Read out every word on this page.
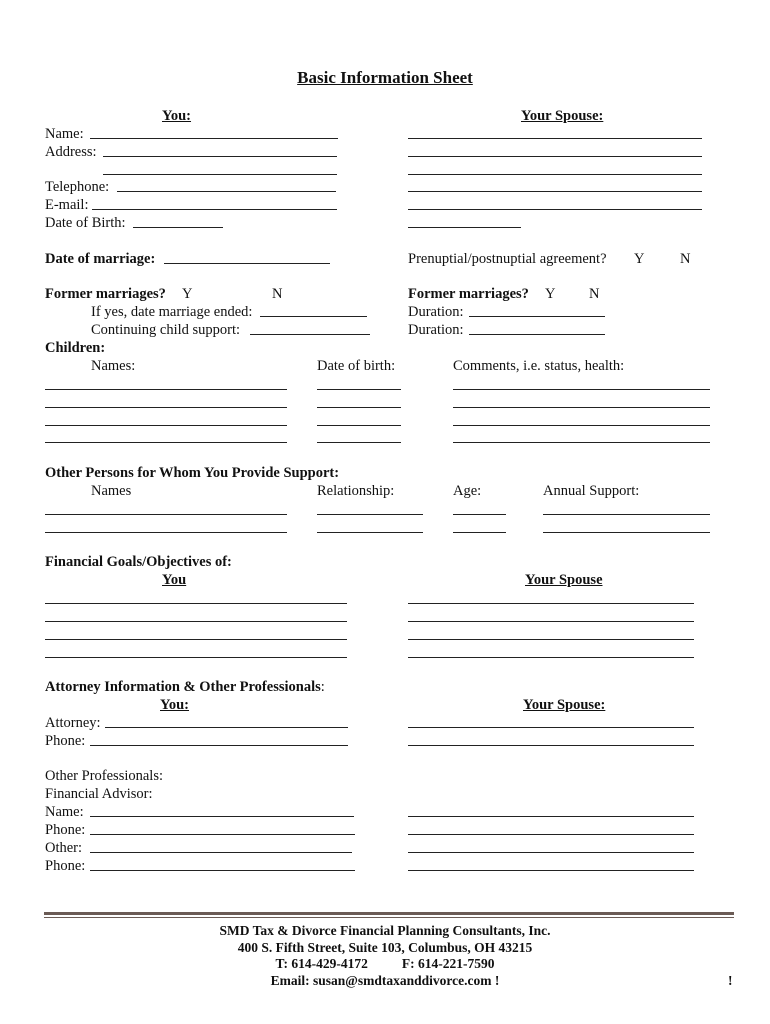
Basic Information Sheet
You:	Your Spouse:
Name:
Address:
Telephone:
E-mail:
Date of Birth:
Date of marriage:	Prenuptial/postnuptial agreement? Y N
Former marriages? Y	N	Former marriages? Y N
If yes, date marriage ended:	Duration:
Continuing child support:	Duration:
Children:
Names:	Date of birth:	Comments, i.e. status, health:
Other Persons for Whom You Provide Support:
Names	Relationship:	Age:	Annual Support:
Financial Goals/Objectives of:
You	Your Spouse
Attorney Information & Other Professionals:
You:	Your Spouse:
Attorney:
Phone:
Other Professionals:
Financial Advisor:
Name:
Phone:
Other:
Phone:
SMD Tax & Divorce Financial Planning Consultants, Inc.
400 S. Fifth Street, Suite 103, Columbus, OH 43215
T: 614-429-4172	F: 614-221-7590
Email: susan@smdtaxanddivorce.com !	!
